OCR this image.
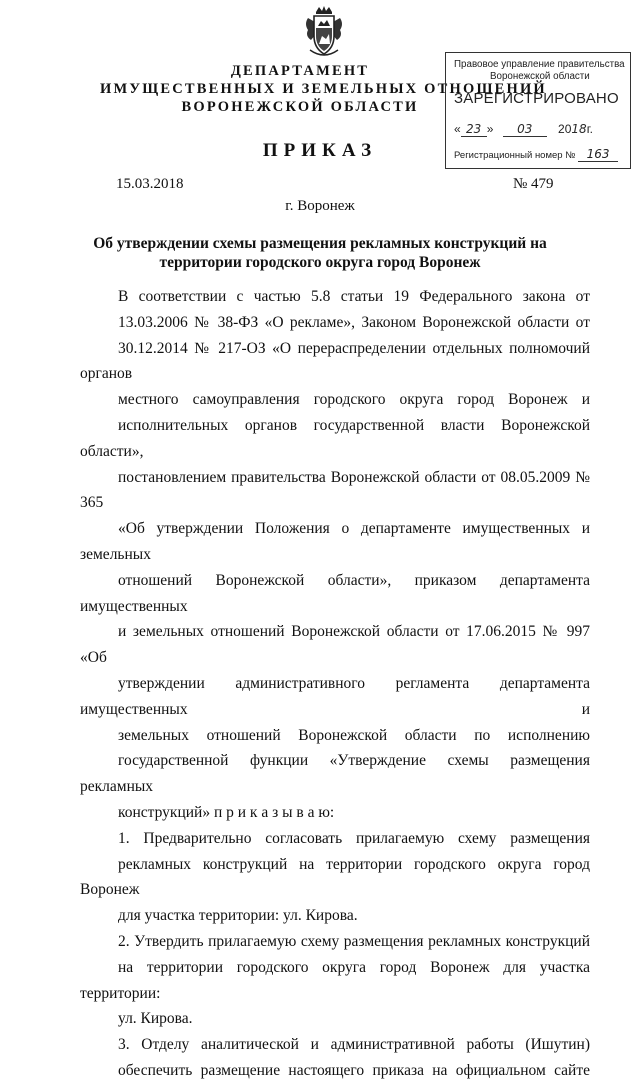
ДЕПАРТАМЕНТ
ИМУЩЕСТВЕННЫХ И ЗЕМЕЛЬНЫХ ОТНОШЕНИЙ
ВОРОНЕЖСКОЙ ОБЛАСТИ
ПРИКАЗ
Правовое управление правительства
Воронежской области
ЗАРЕГИСТРИРОВАНО
« 23 » 03 2018г.
Регистрационный номер № 163
15.03.2018	№ 479
г. Воронеж
Об утверждении схемы размещения рекламных конструкций на
территории городского округа город Воронеж

В соответствии с частью 5.8 статьи 19 Федерального закона от
13.03.2006 № 38-ФЗ «О рекламе», Законом Воронежской области от
30.12.2014 № 217-ОЗ «О перераспределении отдельных полномочий органов
местного самоуправления городского округа город Воронеж и
исполнительных органов государственной власти Воронежской области»,
постановлением правительства Воронежской области от 08.05.2009 № 365
«Об утверждении Положения о департаменте имущественных и земельных
отношений Воронежской области», приказом департамента имущественных
и земельных отношений Воронежской области от 17.06.2015 № 997 «Об
утверждении административного регламента департамента имущественных и
земельных отношений Воронежской области по исполнению
государственной функции «Утверждение схемы размещения рекламных
конструкций» п р и к а з ы в а ю:

1. Предварительно согласовать прилагаемую схему размещения
рекламных конструкций на территории городского округа город Воронеж
для участка территории: ул. Кирова.

2. Утвердить прилагаемую схему размещения рекламных конструкций
на территории городского округа город Воронеж для участка территории:
ул. Кирова.

3. Отделу аналитической и административной работы (Ишутин)
обеспечить размещение настоящего приказа на официальном сайте
